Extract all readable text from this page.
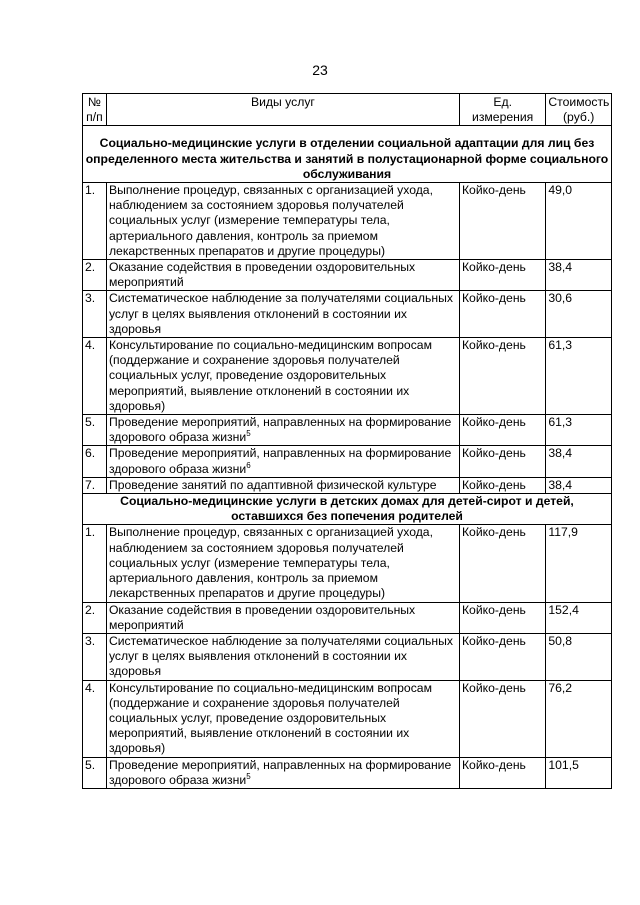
23
№ п/п	Виды услуг	Ед. измерения	Стоимость (руб.)
Социально-медицинские услуги в отделении социальной адаптации для лиц без определенного места жительства и занятий в полустационарной форме социального обслуживания			
1.	Выполнение процедур, связанных с организацией ухода, наблюдением за состоянием здоровья получателей социальных услуг (измерение температуры тела, артериального давления, контроль за приемом лекарственных препаратов и другие процедуры)	Койко-день	49,0
2.	Оказание содействия в проведении оздоровительных мероприятий	Койко-день	38,4
3.	Систематическое наблюдение за получателями социальных услуг в целях выявления отклонений в состоянии их здоровья	Койко-день	30,6
4.	Консультирование по социально-медицинским вопросам (поддержание и сохранение здоровья получателей социальных услуг, проведение оздоровительных мероприятий, выявление отклонений в состоянии их здоровья)	Койко-день	61,3
5.	Проведение мероприятий, направленных на формирование здорового образа жизни$^5$	Койко-день	61,3
6.	Проведение мероприятий, направленных на формирование здорового образа жизни$^6$	Койко-день	38,4
7.	Проведение занятий по адаптивной физической культуре	Койко-день	38,4
Социально-медицинские услуги в детских домах для детей-сирот и детей, оставшихся без попечения родителей			
1.	Выполнение процедур, связанных с организацией ухода, наблюдением за состоянием здоровья получателей социальных услуг (измерение температуры тела, артериального давления, контроль за приемом лекарственных препаратов и другие процедуры)	Койко-день	117,9
2.	Оказание содействия в проведении оздоровительных мероприятий	Койко-день	152,4
3.	Систематическое наблюдение за получателями социальных услуг в целях выявления отклонений в состоянии их здоровья	Койко-день	50,8
4.	Консультирование по социально-медицинским вопросам (поддержание и сохранение здоровья получателей социальных услуг, проведение оздоровительных мероприятий, выявление отклонений в состоянии их здоровья)	Койко-день	76,2
5.	Проведение мероприятий, направленных на формирование здорового образа жизни$^5$	Койко-день	101,5
